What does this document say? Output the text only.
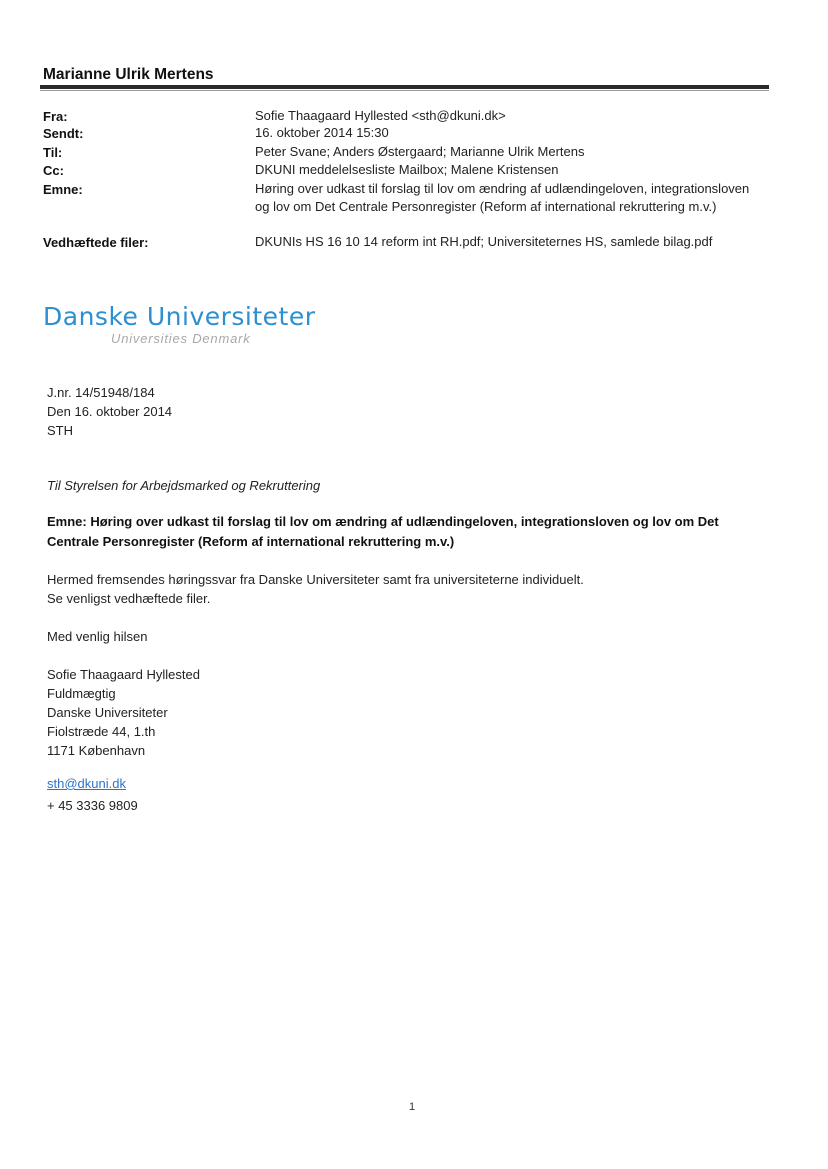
Marianne Ulrik Mertens
Fra:	Sofie Thaagaard Hyllested <sth@dkuni.dk>
Sendt:	16. oktober 2014 15:30
Til:	Peter Svane; Anders Østergaard; Marianne Ulrik Mertens
Cc:	DKUNI meddelelsesliste Mailbox; Malene Kristensen
Emne:	Høring over udkast til forslag til lov om ændring af udlændingeloven, integrationsloven og lov om Det Centrale Personregister (Reform af international rekruttering m.v.)
Vedhæftede filer:	DKUNIs HS 16 10 14 reform int RH.pdf; Universiteternes HS, samlede bilag.pdf
Danske Universiteter
Universities Denmark
J.nr. 14/51948/184
Den 16. oktober 2014
STH
Til Styrelsen for Arbejdsmarked og Rekruttering
Emne: Høring over udkast til forslag til lov om ændring af udlændingeloven, integrationsloven og lov om Det Centrale Personregister (Reform af international rekruttering m.v.)
Hermed fremsendes høringssvar fra Danske Universiteter samt fra universiteterne individuelt.
Se venligst vedhæftede filer.
Med venlig hilsen
Sofie Thaagaard Hyllested
Fuldmægtig
Danske Universiteter
Fiolstræde 44, 1.th
1171 København
sth@dkuni.dk
+ 45 3336 9809
1
